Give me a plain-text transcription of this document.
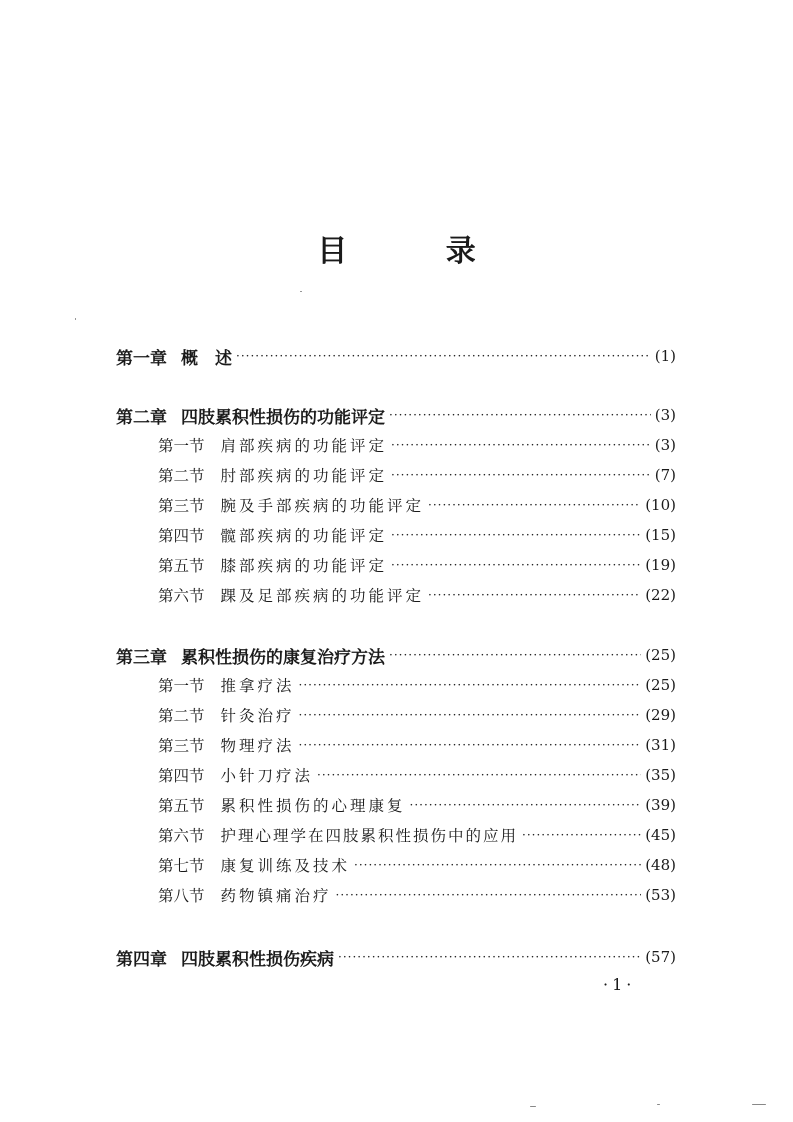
目 录
第一章 概　述 ·····	(1)
第二章 四肢累积性损伤的功能评定 ·····	(3)
第一节 肩部疾病的功能评定 ·····	(3)
第二节 肘部疾病的功能评定 ·····	(7)
第三节 腕及手部疾病的功能评定 ·····	(10)
第四节 髋部疾病的功能评定 ·····	(15)
第五节 膝部疾病的功能评定 ·····	(19)
第六节 踝及足部疾病的功能评定 ·····	(22)
第三章 累积性损伤的康复治疗方法 ·····	(25)
第一节 推拿疗法 ·····	(25)
第二节 针灸治疗 ·····	(29)
第三节 物理疗法 ·····	(31)
第四节 小针刀疗法 ·····	(35)
第五节 累积性损伤的心理康复 ·····	(39)
第六节 护理心理学在四肢累积性损伤中的应用 ·····	(45)
第七节 康复训练及技术 ·····	(48)
第八节 药物镇痛治疗 ·····	(53)
第四章 四肢累积性损伤疾病 ·····	(57)
·1·
